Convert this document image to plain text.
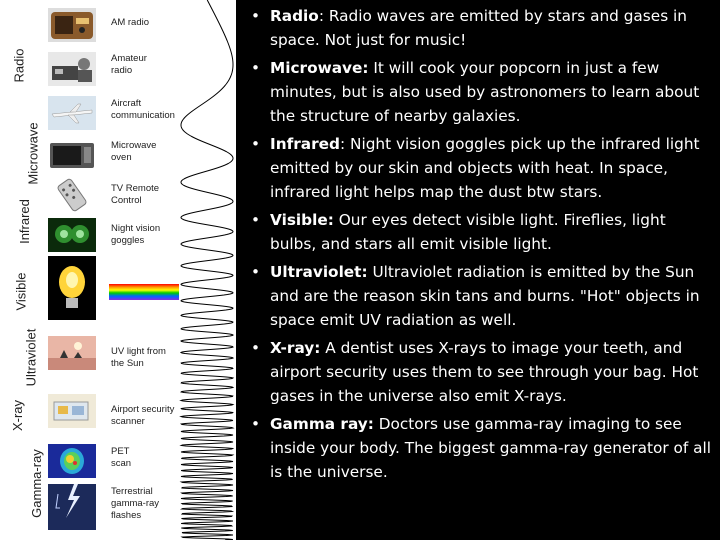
Radio
Microwave
Infrared
Visible
Ultraviolet
X-ray
Gamma-ray
AM radio
Amateur radio
Aircraft communication
Microwave oven
TV Remote Control
Night vision goggles
UV light from the Sun
Airport security scanner
PET scan
Terrestrial gamma-ray flashes
• Radio: Radio waves are emitted by stars and gases in space. Not just for music!
• Microwave: It will cook your popcorn in just a few minutes, but is also used by astronomers to learn about the structure of nearby galaxies.
• Infrared: Night vision goggles pick up the infrared light emitted by our skin and objects with heat. In space, infrared light helps map the dust btw stars.
• Visible: Our eyes detect visible light. Fireflies, light bulbs, and stars all emit visible light.
• Ultraviolet: Ultraviolet radiation is emitted by the Sun and are the reason skin tans and burns. "Hot" objects in space emit UV radiation as well.
• X-ray: A dentist uses X-rays to image your teeth, and airport security uses them to see through your bag. Hot gases in the universe also emit X-rays.
• Gamma ray: Doctors use gamma-ray imaging to see inside your body. The biggest gamma-ray generator of all is the universe.
